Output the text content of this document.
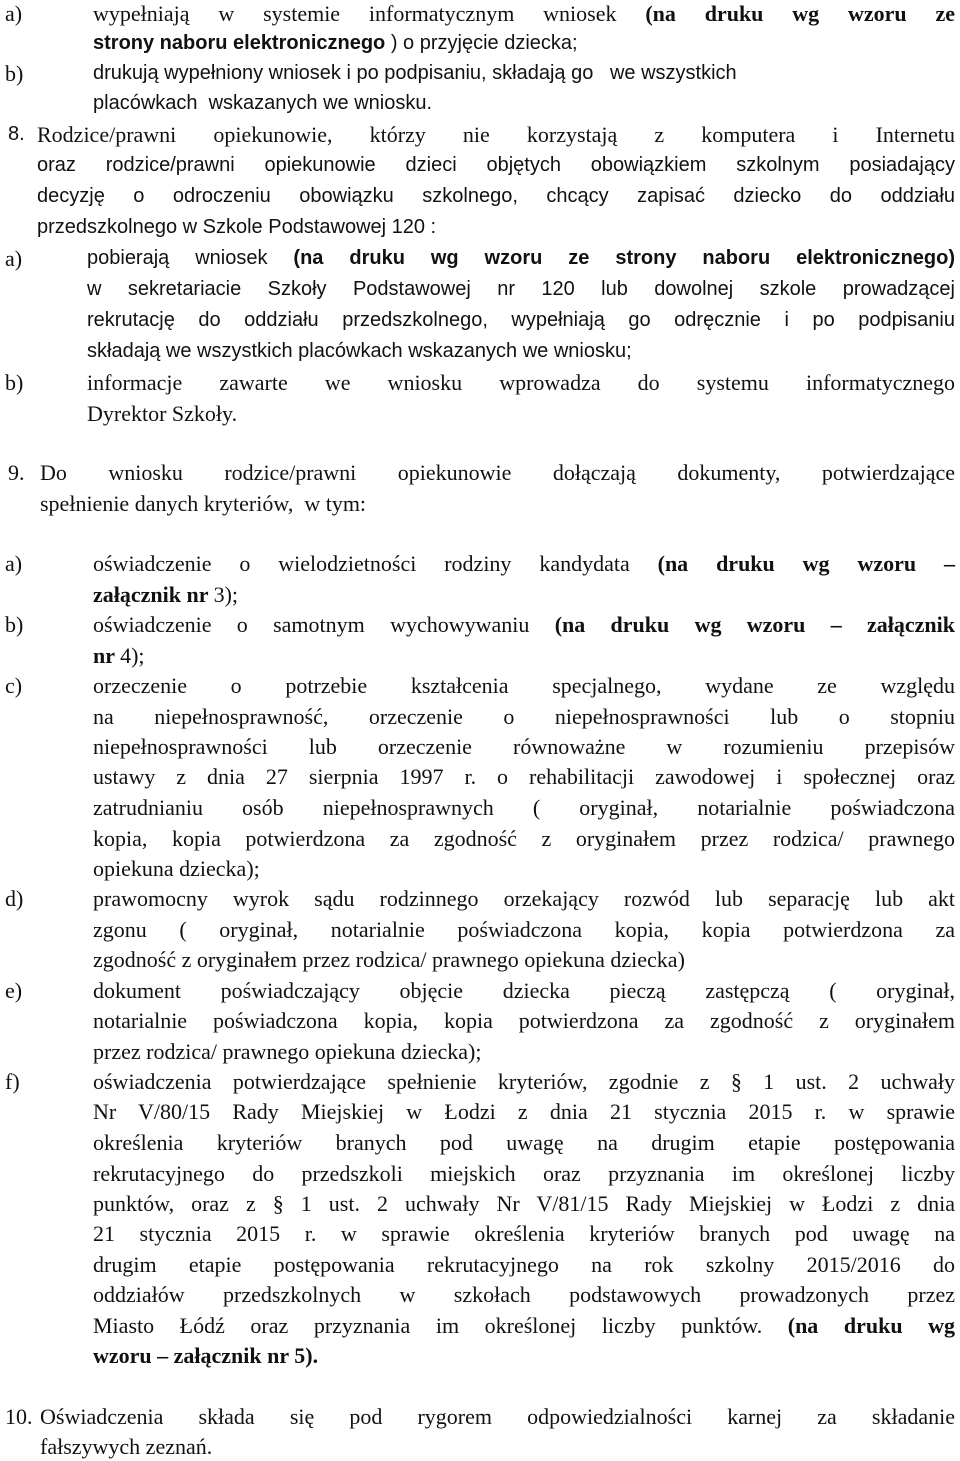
a)	wypełniają w systemie informatycznym wniosek (na druku wg wzoru ze
strony naboru elektronicznego ) o przyjęcie dziecka;
b)	drukują wypełniony wniosek i po podpisaniu, składają go   we wszystkich
placówkach  wskazanych we wniosku.
8. Rodzice/prawni opiekunowie, którzy nie korzystają z komputera i Internetu
oraz rodzice/prawni opiekunowie dzieci objętych obowiązkiem szkolnym posiadający
decyzję o odroczeniu obowiązku szkolnego, chcący zapisać dziecko do oddziału
przedszkolnego w Szkole Podstawowej 120 :
a)	pobierają wniosek (na druku wg wzoru ze strony naboru elektronicznego)
w sekretariacie Szkoły Podstawowej nr 120 lub dowolnej szkole prowadzącej
rekrutację do oddziału przedszkolnego, wypełniają go odręcznie i po podpisaniu
składają we wszystkich placówkach wskazanych we wniosku;
b)	informacje zawarte we wniosku wprowadza do systemu informatycznego
Dyrektor Szkoły.
9. Do wniosku rodzice/prawni opiekunowie dołączają dokumenty, potwierdzające
spełnienie danych kryteriów,  w tym:
a)	oświadczenie o wielodzietności rodziny kandydata (na druku wg wzoru –
załącznik nr 3);
b)	oświadczenie o samotnym wychowywaniu (na druku wg wzoru – załącznik
nr 4);
c)	orzeczenie o potrzebie kształcenia specjalnego, wydane ze względu
na niepełnosprawność, orzeczenie o niepełnosprawności lub o stopniu
niepełnosprawności lub orzeczenie równoważne w rozumieniu przepisów
ustawy z dnia 27 sierpnia 1997 r. o rehabilitacji zawodowej i społecznej oraz
zatrudnianiu osób niepełnosprawnych ( oryginał, notarialnie poświadczona
kopia, kopia potwierdzona za zgodność z oryginałem przez rodzica/ prawnego
opiekuna dziecka);
d)	prawomocny wyrok sądu rodzinnego orzekający rozwód lub separację lub akt
zgonu ( oryginał, notarialnie poświadczona kopia, kopia potwierdzona za
zgodność z oryginałem przez rodzica/ prawnego opiekuna dziecka)
e)	dokument poświadczający objęcie dziecka pieczą zastępczą ( oryginał,
notarialnie poświadczona kopia, kopia potwierdzona za zgodność z oryginałem
przez rodzica/ prawnego opiekuna dziecka);
f)	oświadczenia potwierdzające spełnienie kryteriów, zgodnie z § 1 ust. 2 uchwały
Nr V/80/15 Rady Miejskiej w Łodzi z dnia 21 stycznia 2015 r. w sprawie
określenia kryteriów branych pod uwagę na drugim etapie postępowania
rekrutacyjnego do przedszkoli miejskich oraz przyznania im określonej liczby
punktów, oraz z § 1 ust. 2 uchwały Nr V/81/15 Rady Miejskiej w Łodzi z dnia
21 stycznia 2015 r. w sprawie określenia kryteriów branych pod uwagę na
drugim etapie postępowania rekrutacyjnego na rok szkolny 2015/2016 do
oddziałów przedszkolnych w szkołach podstawowych prowadzonych przez
Miasto Łódź oraz przyznania im określonej liczby punktów. (na druku wg
wzoru – załącznik nr 5).
10. Oświadczenia składa się pod rygorem odpowiedzialności karnej za składanie
fałszywych zeznań.
